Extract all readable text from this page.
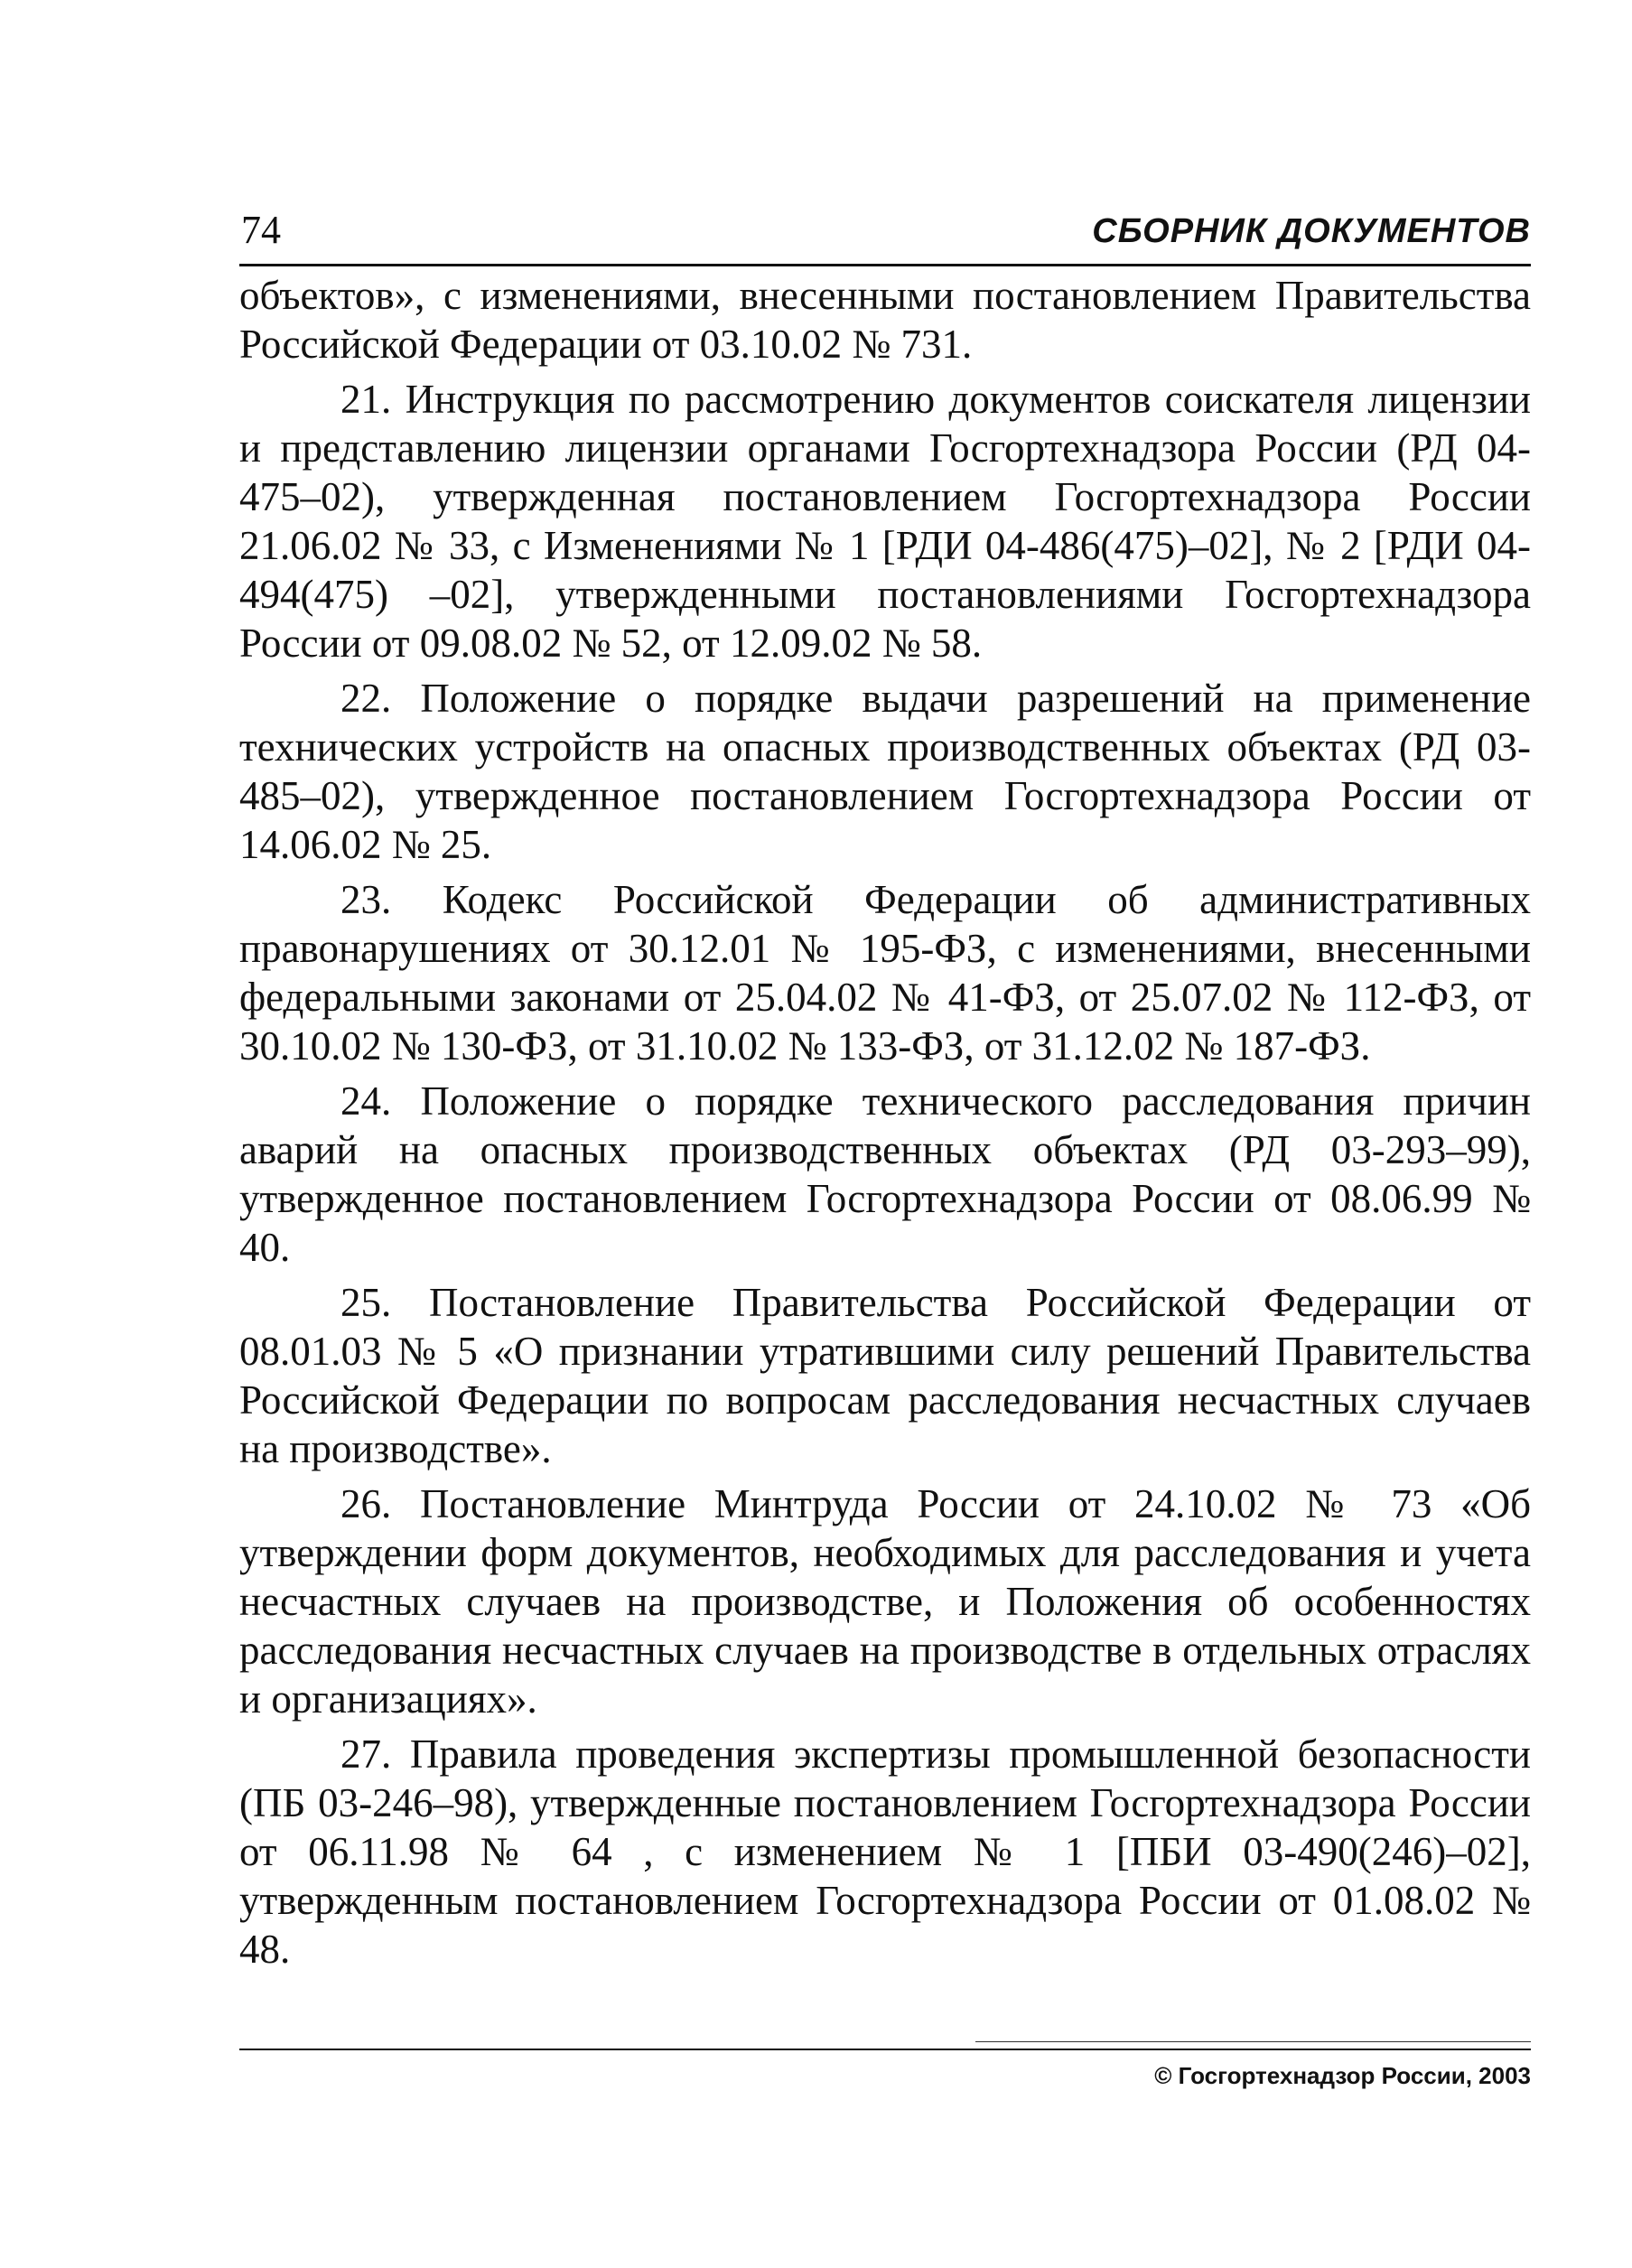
74	СБОРНИК ДОКУМЕНТОВ

объектов», с изменениями, внесенными постановлением Правительства Российской Федерации от 03.10.02 № 731.

21. Инструкция по рассмотрению документов соискателя лицензии и представлению лицензии органами Госгортехнадзора России (РД 04-475–02), утвержденная постановлением Госгортехнадзора России 21.06.02 № 33, с Изменениями № 1 [РДИ 04-486(475)–02], № 2 [РДИ 04-494(475) –02], утвержденными постановлениями Госгортехнадзора России от 09.08.02 № 52, от 12.09.02 № 58.

22. Положение о порядке выдачи разрешений на применение технических устройств на опасных производственных объектах (РД 03-485–02), утвержденное постановлением Госгортехнадзора России от 14.06.02 № 25.

23. Кодекс Российской Федерации об административных правонарушениях от 30.12.01 № 195-ФЗ, с изменениями, внесенными федеральными законами от 25.04.02 № 41-ФЗ, от 25.07.02 № 112-ФЗ, от 30.10.02 № 130-ФЗ, от 31.10.02 № 133-ФЗ, от 31.12.02 № 187-ФЗ.

24. Положение о порядке технического расследования причин аварий на опасных производственных объектах (РД 03-293–99), утвержденное постановлением Госгортехнадзора России от 08.06.99 № 40.

25. Постановление Правительства Российской Федерации от 08.01.03 № 5 «О признании утратившими силу решений Правительства Российской Федерации по вопросам расследования несчастных случаев на производстве».

26. Постановление Минтруда России от 24.10.02 № 73 «Об утверждении форм документов, необходимых для расследования и учета несчастных случаев на производстве, и Положения об особенностях расследования несчастных случаев на производстве в отдельных отраслях и организациях».

27. Правила проведения экспертизы промышленной безопасности (ПБ 03-246–98), утвержденные постановлением Госгортехнадзора России от 06.11.98 № 64 , с изменением № 1 [ПБИ 03-490(246)–02], утвержденным постановлением Госгортехнадзора России от 01.08.02 № 48.

© Госгортехнадзор России, 2003
